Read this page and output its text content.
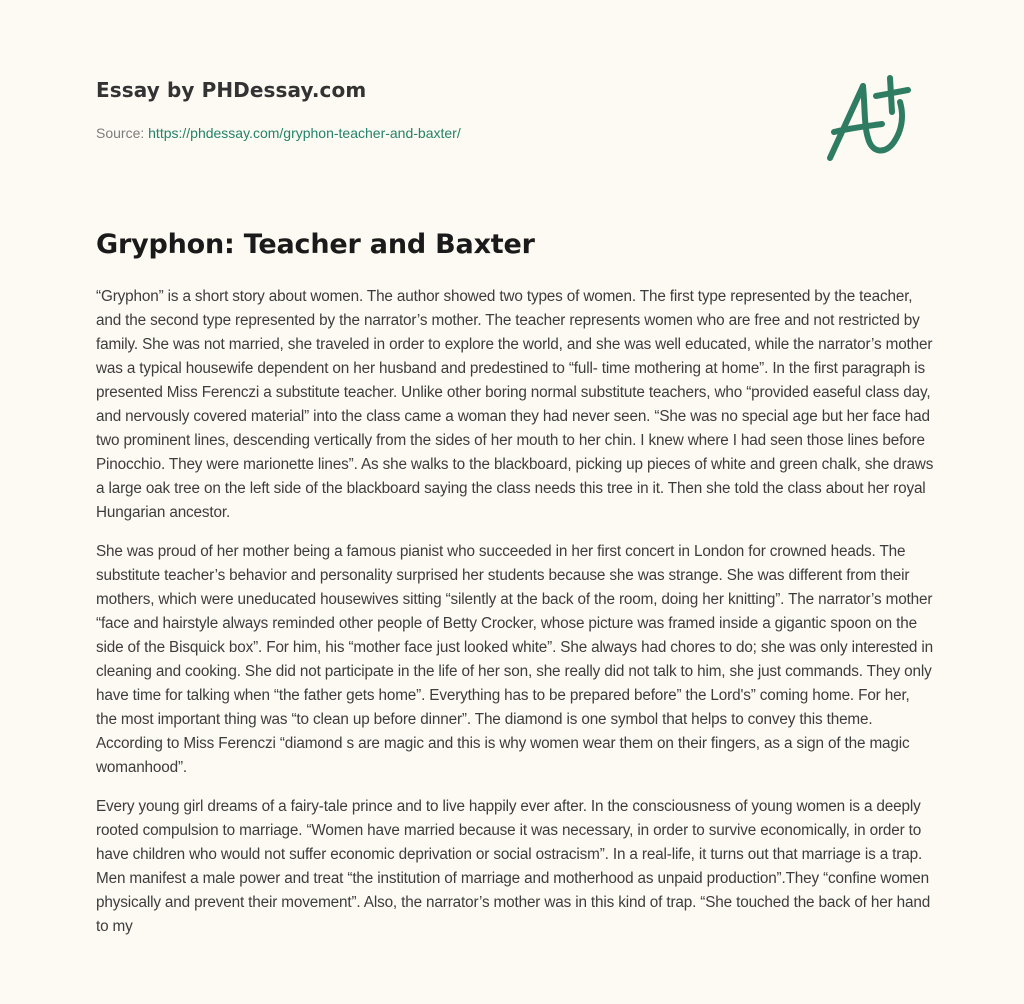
Essay by PHDessay.com
Source: https://phdessay.com/gryphon-teacher-and-baxter/
Gryphon: Teacher and Baxter

“Gryphon” is a short story about women. The author showed two types of women. The first type represented by the teacher, and the second type represented by the narrator’s mother. The teacher represents women who are free and not restricted by family. She was not married, she traveled in order to explore the world, and she was well educated, while the narrator’s mother was a typical housewife dependent on her husband and predestined to “full- time mothering at home”. In the first paragraph is presented Miss Ferenczi a substitute teacher. Unlike other boring normal substitute teachers, who “provided easeful class day, and nervously covered material” into the class came a woman they had never seen. “She was no special age but her face had two prominent lines, descending vertically from the sides of her mouth to her chin. I knew where I had seen those lines before Pinocchio. They were marionette lines”. As she walks to the blackboard, picking up pieces of white and green chalk, she draws a large oak tree on the left side of the blackboard saying the class needs this tree in it. Then she told the class about her royal Hungarian ancestor.

She was proud of her mother being a famous pianist who succeeded in her first concert in London for crowned heads. The substitute teacher’s behavior and personality surprised her students because she was strange. She was different from their mothers, which were uneducated housewives sitting “silently at the back of the room, doing her knitting”. The narrator’s mother “face and hairstyle always reminded other people of Betty Crocker, whose picture was framed inside a gigantic spoon on the side of the Bisquick box”. For him, his “mother face just looked white”. She always had chores to do; she was only interested in cleaning and cooking. She did not participate in the life of her son, she really did not talk to him, she just commands. They only have time for talking when “the father gets home”. Everything has to be prepared before” the Lord's” coming home. For her, the most important thing was “to clean up before dinner”. The diamond is one symbol that helps to convey this theme. According to Miss Ferenczi “diamond s are magic and this is why women wear them on their fingers, as a sign of the magic womanhood”.

Every young girl dreams of a fairy-tale prince and to live happily ever after. In the consciousness of young women is a deeply rooted compulsion to marriage. “Women have married because it was necessary, in order to survive economically, in order to have children who would not suffer economic deprivation or social ostracism”. In a real-life, it turns out that marriage is a trap. Men manifest a male power and treat “the institution of marriage and motherhood as unpaid production”.They “confine women physically and prevent their movement”. Also, the narrator’s mother was in this kind of trap. “She touched the back of her hand to my
